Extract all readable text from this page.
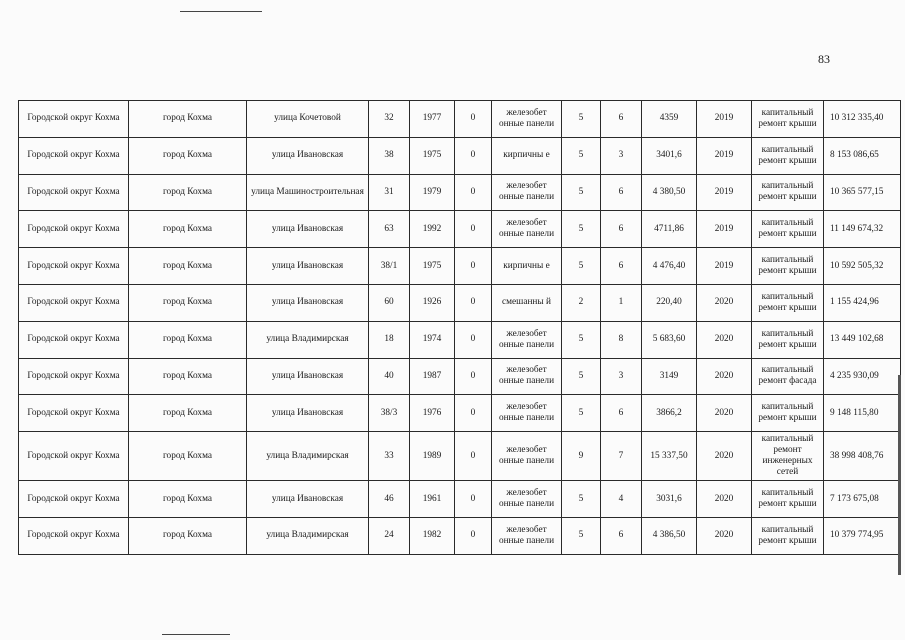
83
Городской округ Кохма	город Кохма	улица Кочетовой	32	1977	0	железобет онные панели	5	6	4359	2019	капитальный ремонт крыши	10 312 335,40
Городской округ Кохма	город Кохма	улица Ивановская	38	1975	0	кирпичны е	5	3	3401,6	2019	капитальный ремонт крыши	8 153 086,65
Городской округ Кохма	город Кохма	улица Машиностроительная	31	1979	0	железобет онные панели	5	6	4 380,50	2019	капитальный ремонт крыши	10 365 577,15
Городской округ Кохма	город Кохма	улица Ивановская	63	1992	0	железобет онные панели	5	6	4711,86	2019	капитальный ремонт крыши	11 149 674,32
Городской округ Кохма	город Кохма	улица Ивановская	38/1	1975	0	кирпичны е	5	6	4 476,40	2019	капитальный ремонт крыши	10 592 505,32
Городской округ Кохма	город Кохма	улица Ивановская	60	1926	0	смешанны й	2	1	220,40	2020	капитальный ремонт крыши	1 155 424,96
Городской округ Кохма	город Кохма	улица Владимирская	18	1974	0	железобет онные панели	5	8	5 683,60	2020	капитальный ремонт крыши	13 449 102,68
Городской округ Кохма	город Кохма	улица Ивановская	40	1987	0	железобет онные панели	5	3	3149	2020	капитальный ремонт фасада	4 235 930,09
Городской округ Кохма	город Кохма	улица Ивановская	38/3	1976	0	железобет онные панели	5	6	3866,2	2020	капитальный ремонт крыши	9 148 115,80
Городской округ Кохма	город Кохма	улица Владимирская	33	1989	0	железобет онные панели	9	7	15 337,50	2020	капитальный ремонт инженерных сетей	38 998 408,76
Городской округ Кохма	город Кохма	улица Ивановская	46	1961	0	железобет онные панели	5	4	3031,6	2020	капитальный ремонт крыши	7 173 675,08
Городской округ Кохма	город Кохма	улица Владимирская	24	1982	0	железобет онные панели	5	6	4 386,50	2020	капитальный ремонт крыши	10 379 774,95
